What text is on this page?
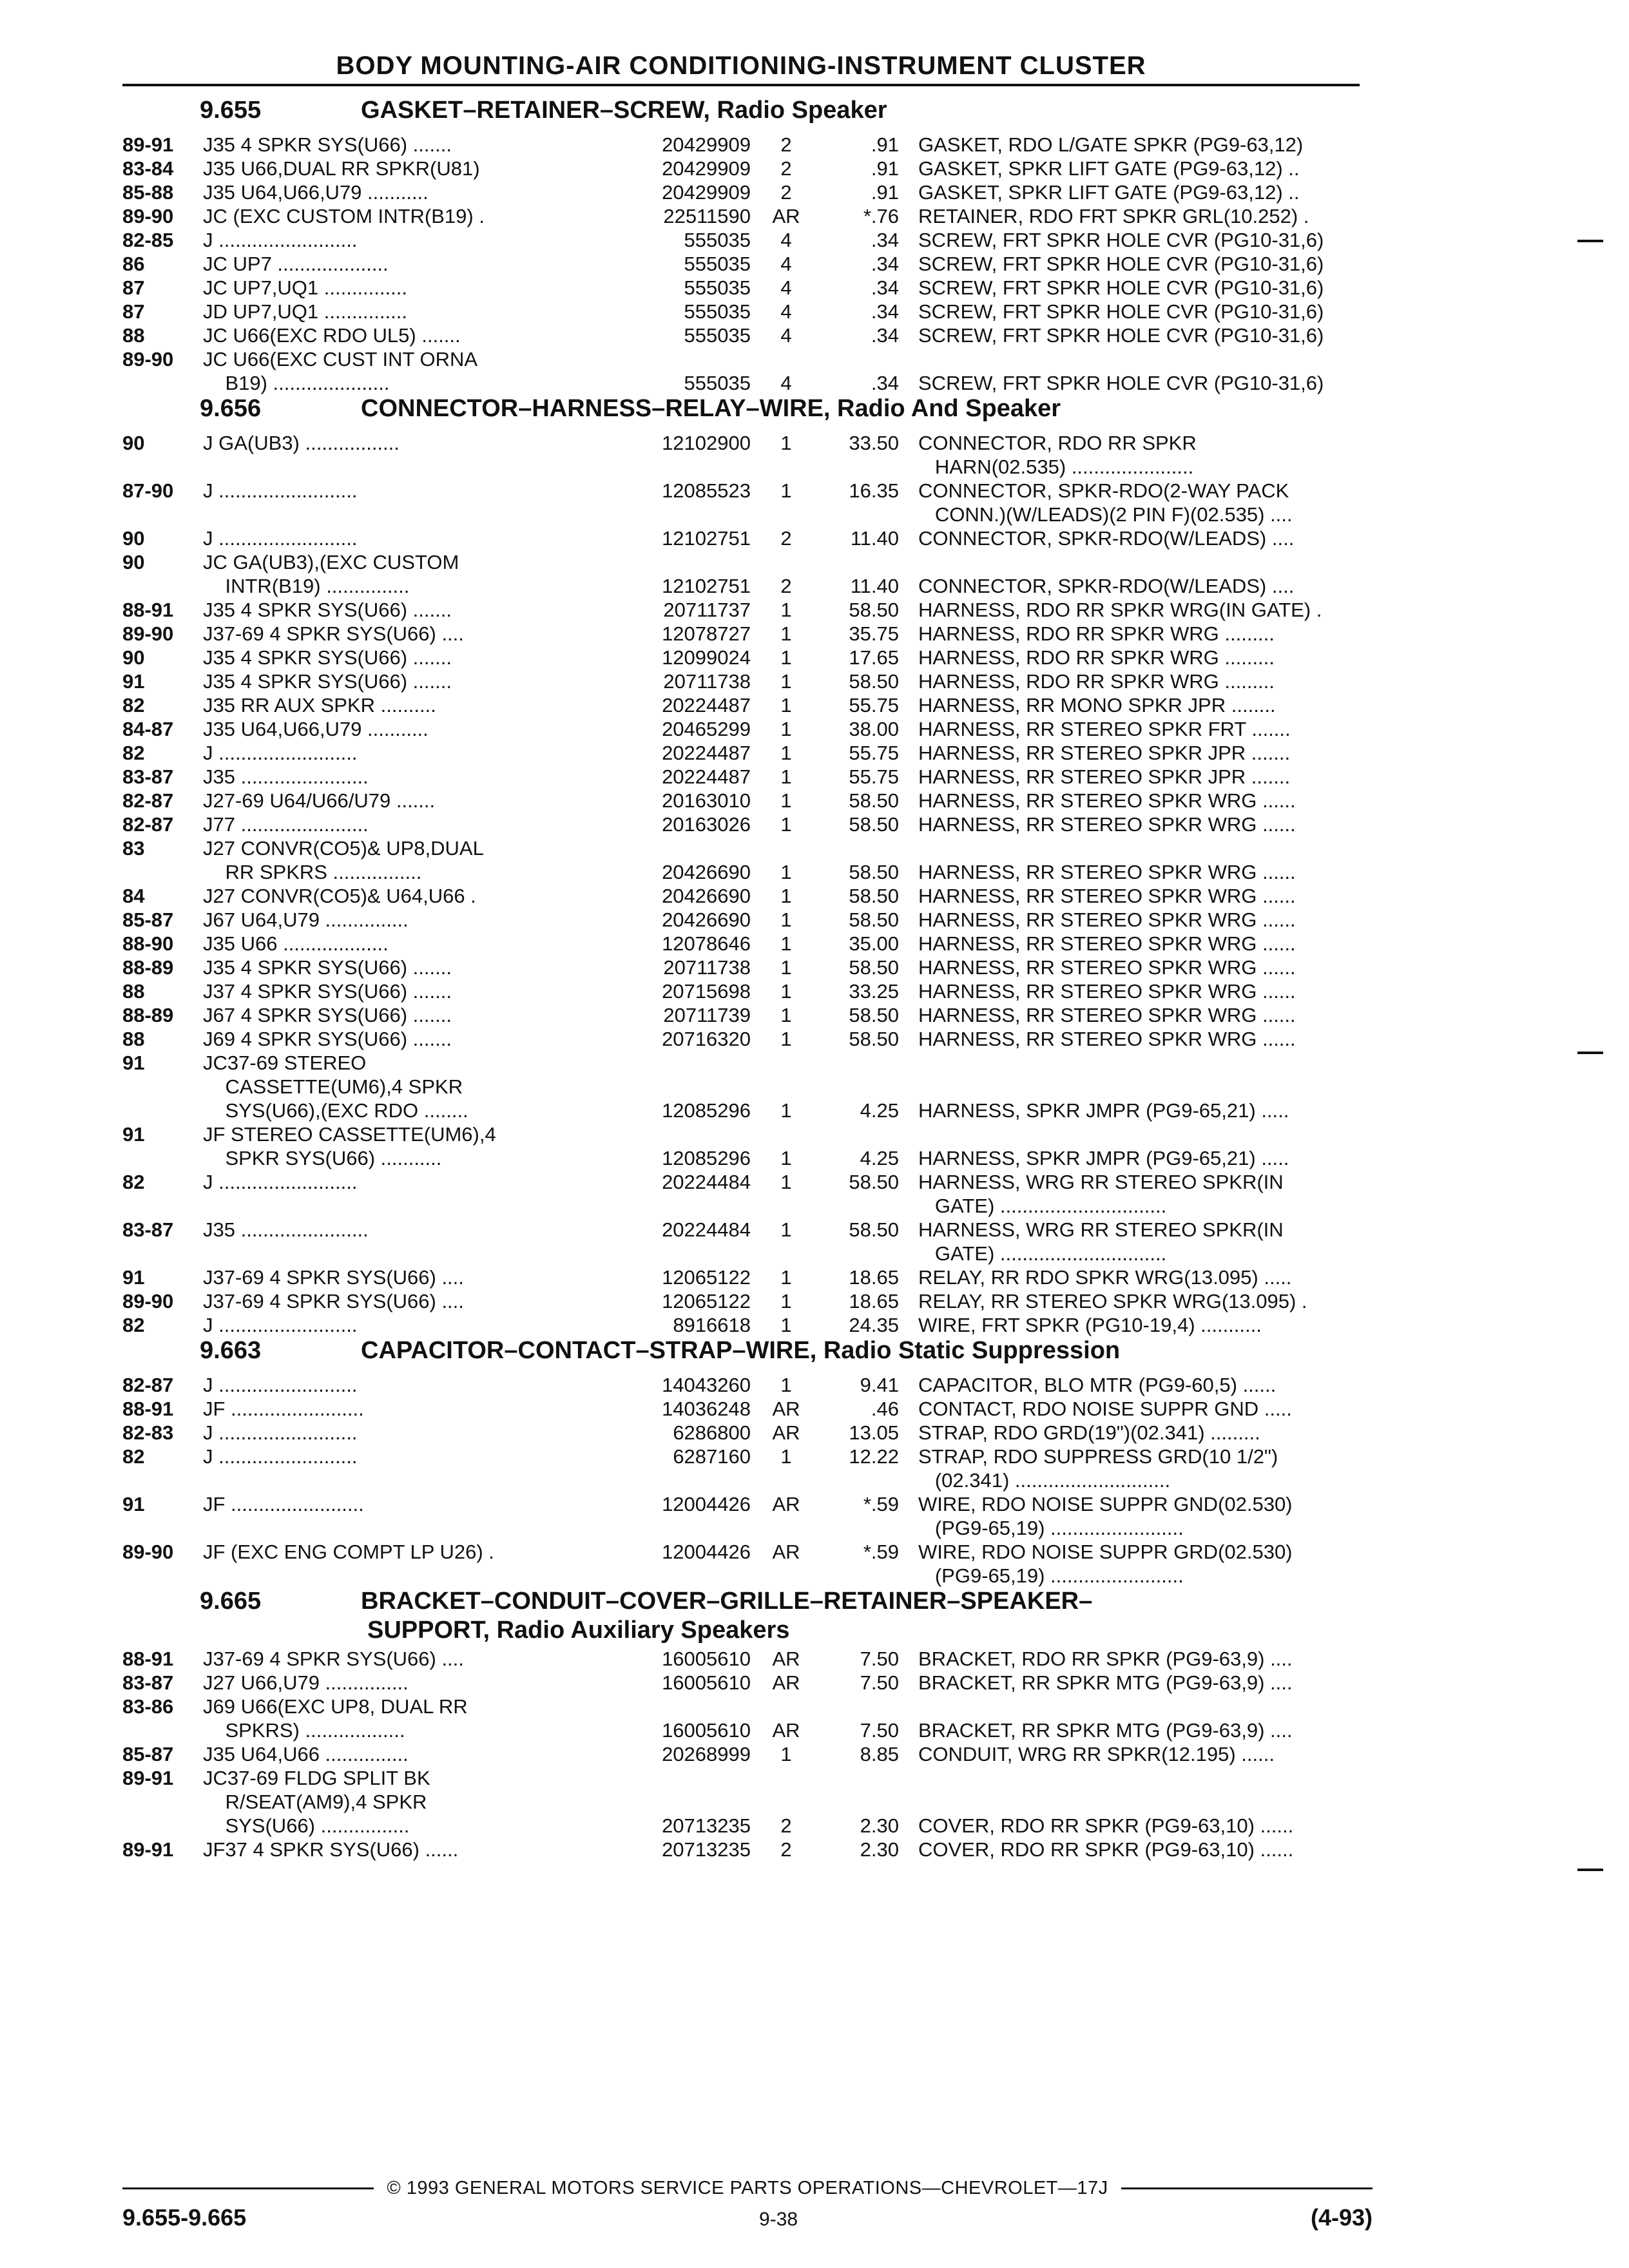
BODY MOUNTING-AIR CONDITIONING-INSTRUMENT CLUSTER
9.655	GASKET–RETAINER–SCREW, Radio Speaker
89-91	J35 4 SPKR SYS(U66) .......	20429909	2	.91 GASKET, RDO L/GATE SPKR (PG9-63,12)
83-84	J35 U66,DUAL RR SPKR(U81)	20429909	2	.91 GASKET, SPKR LIFT GATE (PG9-63,12) ..
85-88	J35 U64,U66,U79 ...........	20429909	2	.91 GASKET, SPKR LIFT GATE (PG9-63,12) ..
89-90	JC (EXC CUSTOM INTR(B19) .	22511590	AR	*.76 RETAINER, RDO FRT SPKR GRL(10.252) .
82-85	J .........................	555035	4	.34 SCREW, FRT SPKR HOLE CVR (PG10-31,6)
86	JC UP7 ....................	555035	4	.34 SCREW, FRT SPKR HOLE CVR (PG10-31,6)
87	JC UP7,UQ1 ...............	555035	4	.34 SCREW, FRT SPKR HOLE CVR (PG10-31,6)
87	JD UP7,UQ1 ...............	555035	4	.34 SCREW, FRT SPKR HOLE CVR (PG10-31,6)
88	JC U66(EXC RDO UL5) .......	555035	4	.34 SCREW, FRT SPKR HOLE CVR (PG10-31,6)
89-90	JC U66(EXC CUST INT ORNA
B19) .....................	555035	4	.34 SCREW, FRT SPKR HOLE CVR (PG10-31,6)
9.656	CONNECTOR–HARNESS–RELAY–WIRE, Radio And Speaker
90	J GA(UB3) .................	12102900	1	33.50 CONNECTOR, RDO RR SPKR
HARN(02.535) ......................
87-90	J .........................	12085523	1	16.35 CONNECTOR, SPKR-RDO(2-WAY PACK
CONN.)(W/LEADS)(2 PIN F)(02.535) ....
90	J .........................	12102751	2	11.40 CONNECTOR, SPKR-RDO(W/LEADS) ....
90	JC GA(UB3),(EXC CUSTOM
INTR(B19) ...............	12102751	2	11.40 CONNECTOR, SPKR-RDO(W/LEADS) ....
88-91	J35 4 SPKR SYS(U66) .......	20711737	1	58.50 HARNESS, RDO RR SPKR WRG(IN GATE) .
89-90	J37-69 4 SPKR SYS(U66) ....	12078727	1	35.75 HARNESS, RDO RR SPKR WRG .........
90	J35 4 SPKR SYS(U66) .......	12099024	1	17.65 HARNESS, RDO RR SPKR WRG .........
91	J35 4 SPKR SYS(U66) .......	20711738	1	58.50 HARNESS, RDO RR SPKR WRG .........
82	J35 RR AUX SPKR ..........	20224487	1	55.75 HARNESS, RR MONO SPKR JPR ........
84-87	J35 U64,U66,U79 ...........	20465299	1	38.00 HARNESS, RR STEREO SPKR FRT .......
82	J .........................	20224487	1	55.75 HARNESS, RR STEREO SPKR JPR .......
83-87	J35 .......................	20224487	1	55.75 HARNESS, RR STEREO SPKR JPR .......
82-87	J27-69 U64/U66/U79 .......	20163010	1	58.50 HARNESS, RR STEREO SPKR WRG ......
82-87	J77 .......................	20163026	1	58.50 HARNESS, RR STEREO SPKR WRG ......
83	J27 CONVR(CO5)& UP8,DUAL
RR SPKRS ................	20426690	1	58.50 HARNESS, RR STEREO SPKR WRG ......
84	J27 CONVR(CO5)& U64,U66 .	20426690	1	58.50 HARNESS, RR STEREO SPKR WRG ......
85-87	J67 U64,U79 ...............	20426690	1	58.50 HARNESS, RR STEREO SPKR WRG ......
88-90	J35 U66 ...................	12078646	1	35.00 HARNESS, RR STEREO SPKR WRG ......
88-89	J35 4 SPKR SYS(U66) .......	20711738	1	58.50 HARNESS, RR STEREO SPKR WRG ......
88	J37 4 SPKR SYS(U66) .......	20715698	1	33.25 HARNESS, RR STEREO SPKR WRG ......
88-89	J67 4 SPKR SYS(U66) .......	20711739	1	58.50 HARNESS, RR STEREO SPKR WRG ......
88	J69 4 SPKR SYS(U66) .......	20716320	1	58.50 HARNESS, RR STEREO SPKR WRG ......
91	JC37-69 STEREO
CASSETTE(UM6),4 SPKR
SYS(U66),(EXC RDO ........	12085296	1	4.25 HARNESS, SPKR JMPR (PG9-65,21) .....
91	JF STEREO CASSETTE(UM6),4
SPKR SYS(U66) ...........	12085296	1	4.25 HARNESS, SPKR JMPR (PG9-65,21) .....
82	J .........................	20224484	1	58.50 HARNESS, WRG RR STEREO SPKR(IN
GATE) ..............................
83-87	J35 .......................	20224484	1	58.50 HARNESS, WRG RR STEREO SPKR(IN
GATE) ..............................
91	J37-69 4 SPKR SYS(U66) ....	12065122	1	18.65 RELAY, RR RDO SPKR WRG(13.095) .....
89-90	J37-69 4 SPKR SYS(U66) ....	12065122	1	18.65 RELAY, RR STEREO SPKR WRG(13.095) .
82	J .........................	8916618	1	24.35 WIRE, FRT SPKR (PG10-19,4) ...........
9.663	CAPACITOR–CONTACT–STRAP–WIRE, Radio Static Suppression
82-87	J .........................	14043260	1	9.41 CAPACITOR, BLO MTR (PG9-60,5) ......
88-91	JF ........................	14036248	AR	.46 CONTACT, RDO NOISE SUPPR GND .....
82-83	J .........................	6286800	AR	13.05 STRAP, RDO GRD(19")(02.341) .........
82	J .........................	6287160	1	12.22 STRAP, RDO SUPPRESS GRD(10 1/2")
(02.341) ............................
91	JF ........................	12004426	AR	*.59 WIRE, RDO NOISE SUPPR GND(02.530)
(PG9-65,19) ........................
89-90	JF (EXC ENG COMPT LP U26) .	12004426	AR	*.59 WIRE, RDO NOISE SUPPR GRD(02.530)
(PG9-65,19) ........................
9.665	BRACKET–CONDUIT–COVER–GRILLE–RETAINER–SPEAKER–
SUPPORT, Radio Auxiliary Speakers
88-91	J37-69 4 SPKR SYS(U66) ....	16005610	AR	7.50 BRACKET, RDO RR SPKR (PG9-63,9) ....
83-87	J27 U66,U79 ...............	16005610	AR	7.50 BRACKET, RR SPKR MTG (PG9-63,9) ....
83-86	J69 U66(EXC UP8, DUAL RR
SPKRS) ..................	16005610	AR	7.50 BRACKET, RR SPKR MTG (PG9-63,9) ....
85-87	J35 U64,U66 ...............	20268999	1	8.85 CONDUIT, WRG RR SPKR(12.195) ......
89-91	JC37-69 FLDG SPLIT BK
R/SEAT(AM9),4 SPKR
SYS(U66) ................	20713235	2	2.30 COVER, RDO RR SPKR (PG9-63,10) ......
89-91	JF37 4 SPKR SYS(U66) ......	20713235	2	2.30 COVER, RDO RR SPKR (PG9-63,10) ......
© 1993 GENERAL MOTORS SERVICE PARTS OPERATIONS—CHEVROLET—17J
9.655-9.665	9-38	(4-93)
